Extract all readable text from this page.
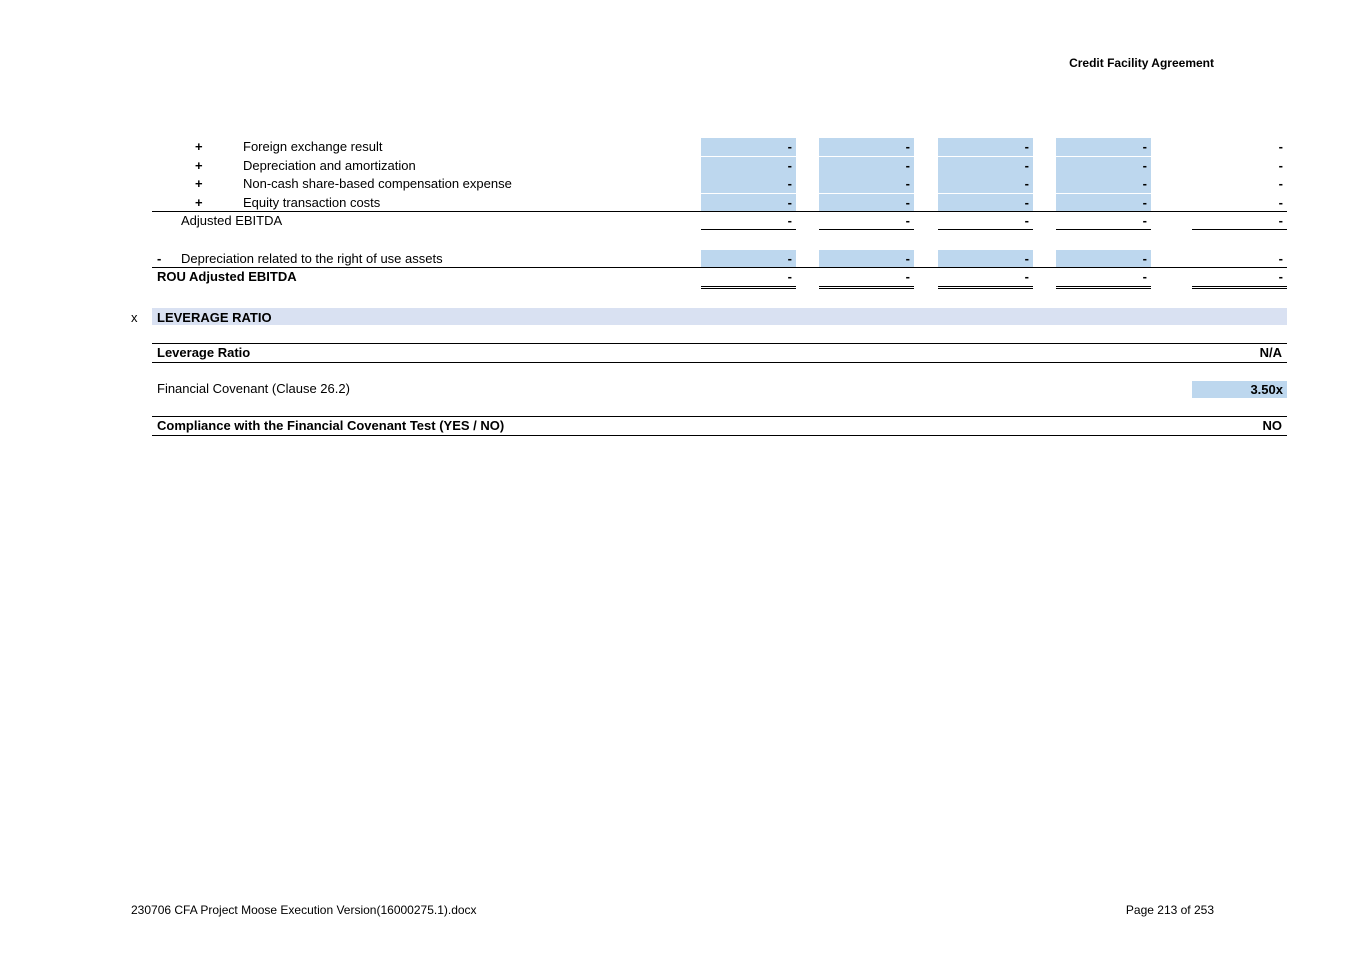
Credit Facility Agreement
+	Foreign exchange result	-	-	-	-	-
+	Depreciation and amortization	-	-	-	-	-
+	Non-cash share-based compensation expense	-	-	-	-	-
+	Equity transaction costs	-	-	-	-	-
Adjusted EBITDA	-	-	-	-	-
- Depreciation related to the right of use assets	-	-	-	-	-
ROU Adjusted EBITDA	-	-	-	-	-
x LEVERAGE RATIO
Leverage Ratio	N/A
Financial Covenant (Clause 26.2)	3.50x
Compliance with the Financial Covenant Test (YES / NO)	NO
230706 CFA Project Moose Execution Version(16000275.1).docx	Page 213 of 253
